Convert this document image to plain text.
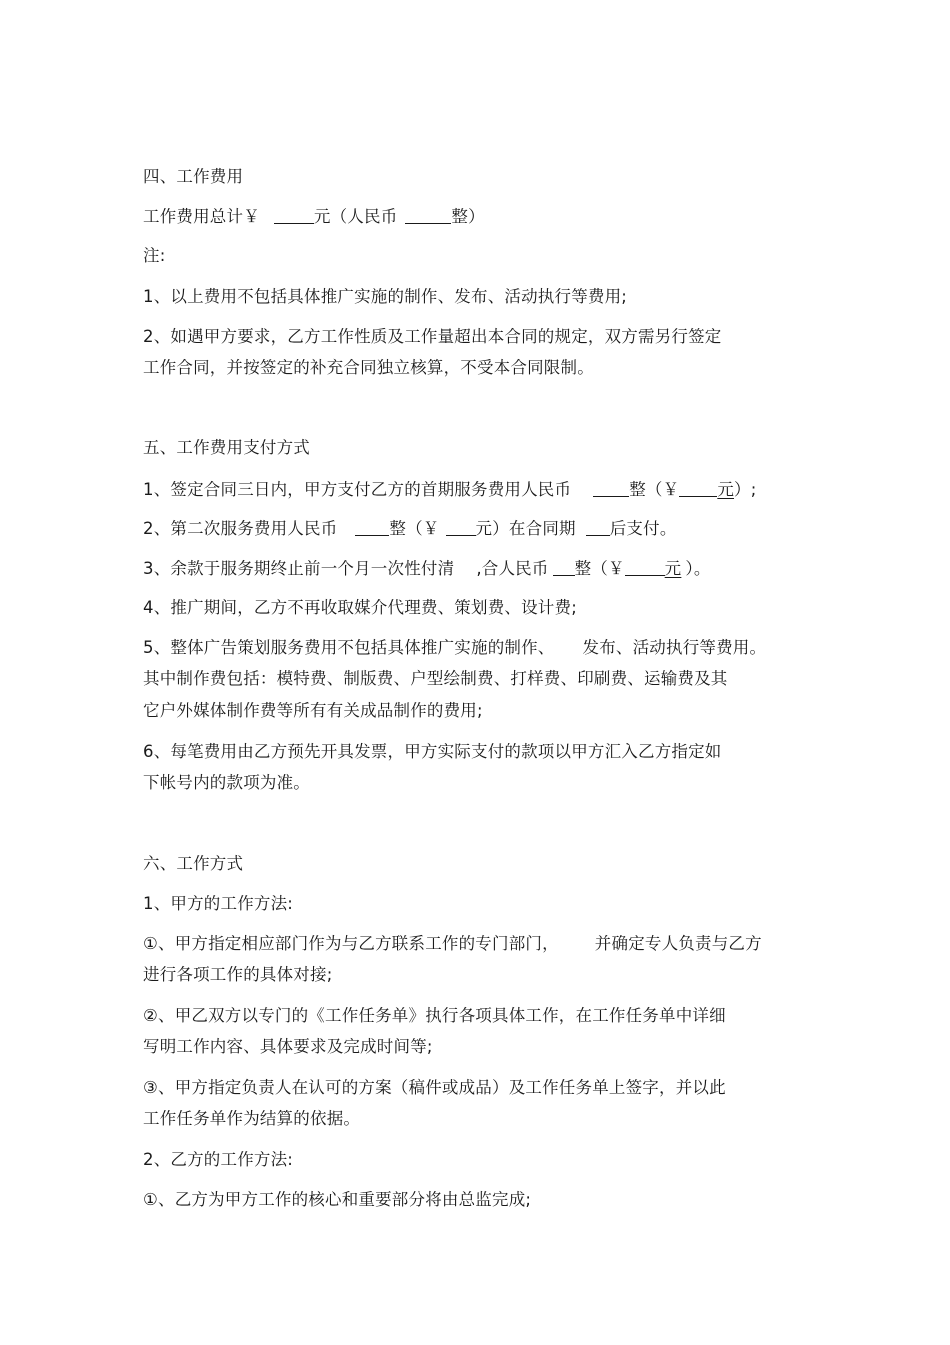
四、工作费用
工作费用总计￥	元（人民币	整）
注:
1、以上费用不包括具体推广实施的制作、发布、活动执行等费用;
2、如遇甲方要求，乙方工作性质及工作量超出本合同的规定，双方需另行签定
工作合同，并按签定的补充合同独立核算，不受本合同限制。
五、工作费用支付方式
1、签定合同三日内，甲方支付乙方的首期服务费用人民币	整（￥ 元）;
2、第二次服务费用人民币	整（￥ 元）在合同期 后支付。
3、余款于服务期终止前一个月一次性付清 ,合人民币 整（￥ 元 ）。
4、推广期间，乙方不再收取媒介代理费、策划费、设计费;
5、整体广告策划服务费用不包括具体推广实施的制作、 发布、活动执行等费用。
其中制作费包括：模特费、制版费、户型绘制费、打样费、印刷费、运输费及其
它户外媒体制作费等所有有关成品制作的费用;
6、每笔费用由乙方预先开具发票，甲方实际支付的款项以甲方汇入乙方指定如
下帐号内的款项为准。
六、工作方式
1、甲方的工作方法:
①、甲方指定相应部门作为与乙方联系工作的专门部门， 并确定专人负责与乙方
进行各项工作的具体对接;
②、甲乙双方以专门的《工作任务单》执行各项具体工作，在工作任务单中详细
写明工作内容、具体要求及完成时间等;
③、甲方指定负责人在认可的方案（稿件或成品）及工作任务单上签字，并以此
工作任务单作为结算的依据。
2、乙方的工作方法:
①、乙方为甲方工作的核心和重要部分将由总监完成;
